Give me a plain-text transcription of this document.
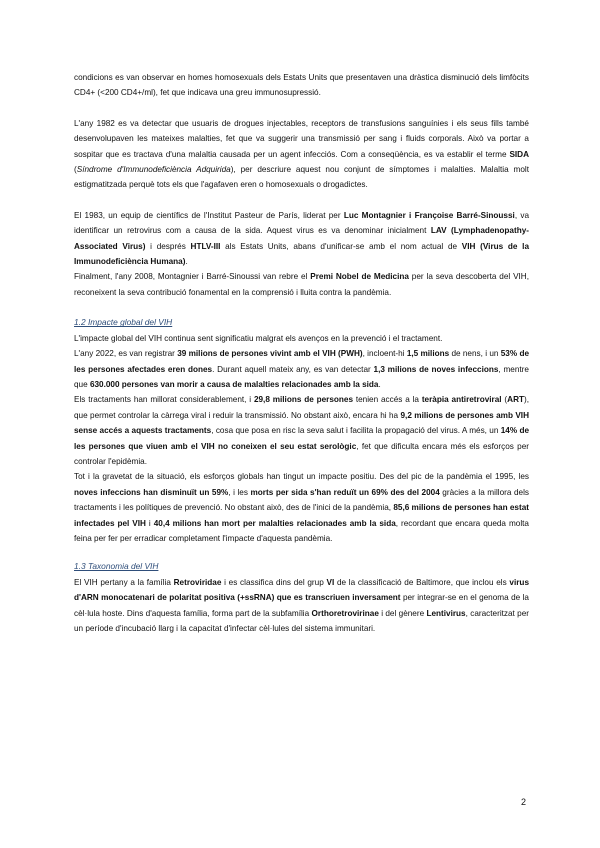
condicions es van observar en homes homosexuals dels Estats Units que presentaven una dràstica disminució dels limfòcits CD4+ (<200 CD4+/ml), fet que indicava una greu immunosupressió.

L'any 1982 es va detectar que usuaris de drogues injectables, receptors de transfusions sanguínies i els seus fills també desenvolupaven les mateixes malalties, fet que va suggerir una transmissió per sang i fluids corporals. Això va portar a sospitar que es tractava d'una malaltia causada per un agent infecciós. Com a conseqüència, es va establir el terme SIDA (Síndrome d'Immunodeficiència Adquirida), per descriure aquest nou conjunt de símptomes i malalties. Malaltia molt estigmatitzada perquè tots els que l'agafaven eren o homosexuals o drogadictes.

El 1983, un equip de científics de l'Institut Pasteur de París, liderat per Luc Montagnier i Françoise Barré-Sinoussi, va identificar un retrovirus com a causa de la sida. Aquest virus es va denominar inicialment LAV (Lymphadenopathy-Associated Virus) i després HTLV-III als Estats Units, abans d'unificar-se amb el nom actual de VIH (Virus de la Immunodeficiència Humana).

Finalment, l'any 2008, Montagnier i Barré-Sinoussi van rebre el Premi Nobel de Medicina per la seva descoberta del VIH, reconeixent la seva contribució fonamental en la comprensió i lluita contra la pandèmia.

1.2 Impacte global del VIH

L'impacte global del VIH continua sent significatiu malgrat els avenços en la prevenció i el tractament.

L'any 2022, es van registrar 39 milions de persones vivint amb el VIH (PWH), incloent-hi 1,5 milions de nens, i un 53% de les persones afectades eren dones. Durant aquell mateix any, es van detectar 1,3 milions de noves infeccions, mentre que 630.000 persones van morir a causa de malalties relacionades amb la sida.

Els tractaments han millorat considerablement, i 29,8 milions de persones tenien accés a la teràpia antiretroviral (ART), que permet controlar la càrrega viral i reduir la transmissió. No obstant això, encara hi ha 9,2 milions de persones amb VIH sense accés a aquests tractaments, cosa que posa en risc la seva salut i facilita la propagació del virus. A més, un 14% de les persones que viuen amb el VIH no coneixen el seu estat serològic, fet que dificulta encara més els esforços per controlar l'epidèmia.

Tot i la gravetat de la situació, els esforços globals han tingut un impacte positiu. Des del pic de la pandèmia el 1995, les noves infeccions han disminuït un 59%, i les morts per sida s'han reduït un 69% des del 2004 gràcies a la millora dels tractaments i les polítiques de prevenció. No obstant això, des de l'inici de la pandèmia, 85,6 milions de persones han estat infectades pel VIH i 40,4 milions han mort per malalties relacionades amb la sida, recordant que encara queda molta feina per fer per erradicar completament l'impacte d'aquesta pandèmia.

1.3 Taxonomia del VIH

El VIH pertany a la família Retroviridae i es classifica dins del grup VI de la classificació de Baltimore, que inclou els virus d'ARN monocatenari de polaritat positiva (+ssRNA) que es transcriuen inversament per integrar-se en el genoma de la cèl·lula hoste. Dins d'aquesta família, forma part de la subfamília Orthoretrovirinae i del gènere Lentivirus, caracteritzat per un període d'incubació llarg i la capacitat d'infectar cèl·lules del sistema immunitari.

2
